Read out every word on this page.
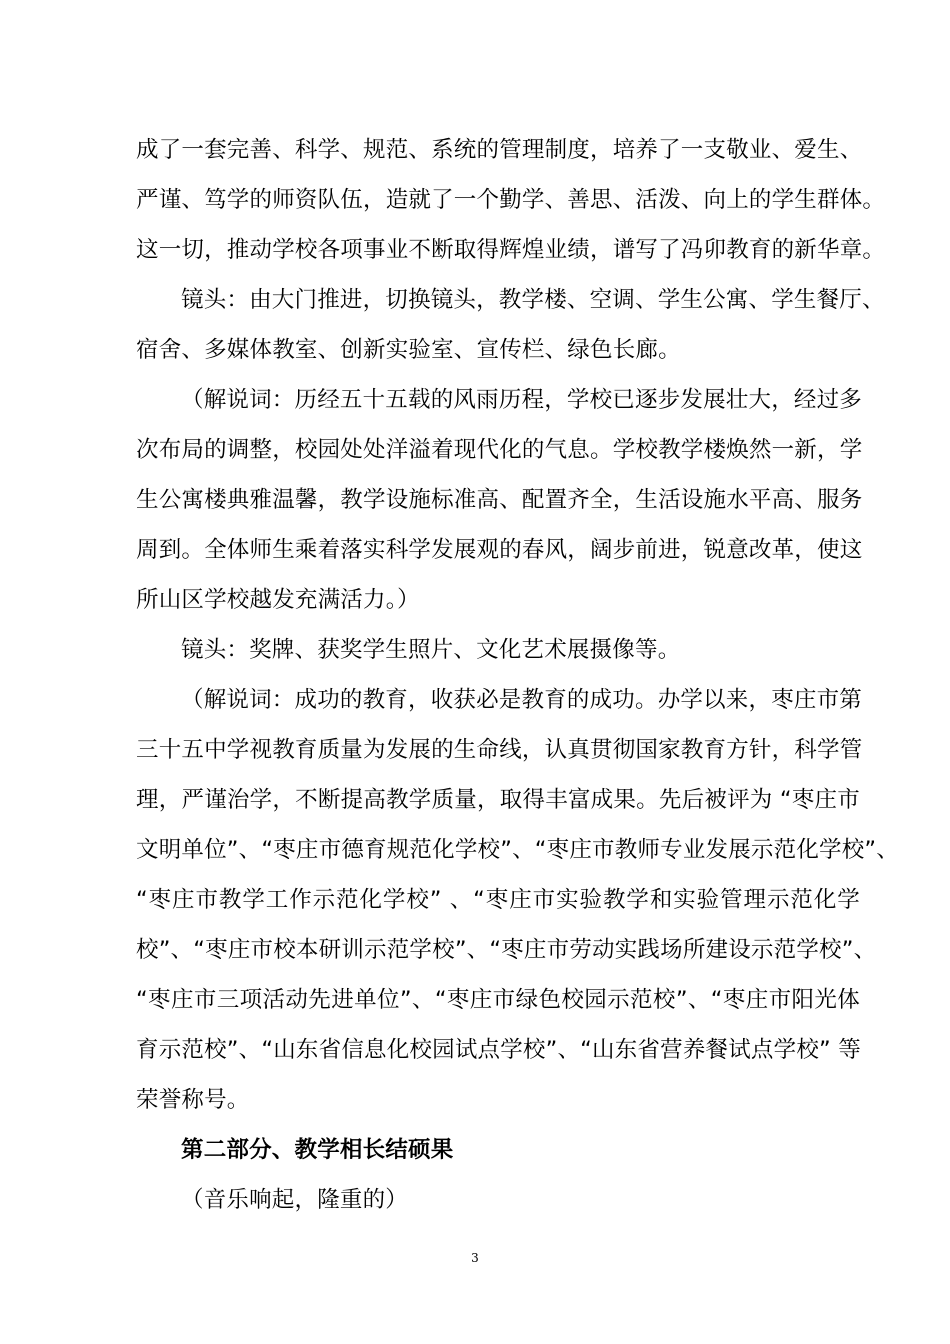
成了一套完善、科学、规范、系统的管理制度，培养了一支敬业、爱生、
严谨、笃学的师资队伍，造就了一个勤学、善思、活泼、向上的学生群体。
这一切，推动学校各项事业不断取得辉煌业绩，谱写了冯卯教育的新华章。
镜头：由大门推进，切换镜头，教学楼、空调、学生公寓、学生餐厅、
宿舍、多媒体教室、创新实验室、宣传栏、绿色长廊。
（解说词：历经五十五载的风雨历程，学校已逐步发展壮大，经过多
次布局的调整，校园处处洋溢着现代化的气息。学校教学楼焕然一新，学
生公寓楼典雅温馨，教学设施标准高、配置齐全，生活设施水平高、服务
周到。全体师生乘着落实科学发展观的春风，阔步前进，锐意改革，使这
所山区学校越发充满活力。）
镜头：奖牌、获奖学生照片、文化艺术展摄像等。
（解说词：成功的教育，收获必是教育的成功。办学以来，枣庄市第
三十五中学视教育质量为发展的生命线，认真贯彻国家教育方针，科学管
理，严谨治学，不断提高教学质量，取得丰富成果。先后被评为 “枣庄市
文明单位”、“枣庄市德育规范化学校”、“枣庄市教师专业发展示范化学校”、
“枣庄市教学工作示范化学校” 、“枣庄市实验教学和实验管理示范化学
校”、“枣庄市校本研训示范学校”、“枣庄市劳动实践场所建设示范学校”、
“枣庄市三项活动先进单位”、“枣庄市绿色校园示范校”、“枣庄市阳光体
育示范校”、“山东省信息化校园试点学校”、“山东省营养餐试点学校” 等
荣誉称号。
第二部分、教学相长结硕果
（音乐响起，隆重的）
3
